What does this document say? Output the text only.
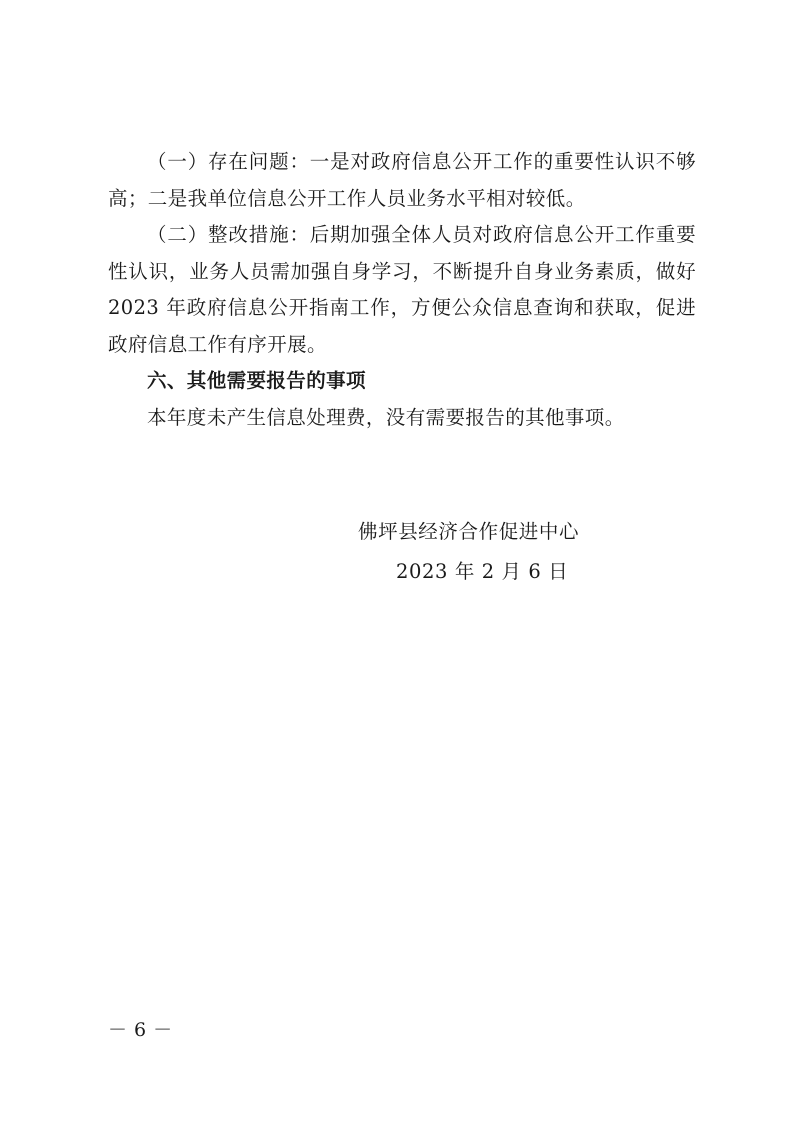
（一）存在问题：一是对政府信息公开工作的重要性认识不够高；二是我单位信息公开工作人员业务水平相对较低。

（二）整改措施：后期加强全体人员对政府信息公开工作重要性认识，业务人员需加强自身学习，不断提升自身业务素质，做好 2023 年政府信息公开指南工作，方便公众信息查询和获取，促进政府信息工作有序开展。

六、其他需要报告的事项

本年度未产生信息处理费，没有需要报告的其他事项。

佛坪县经济合作促进中心

2023 年 2 月 6 日

－ 6 －
